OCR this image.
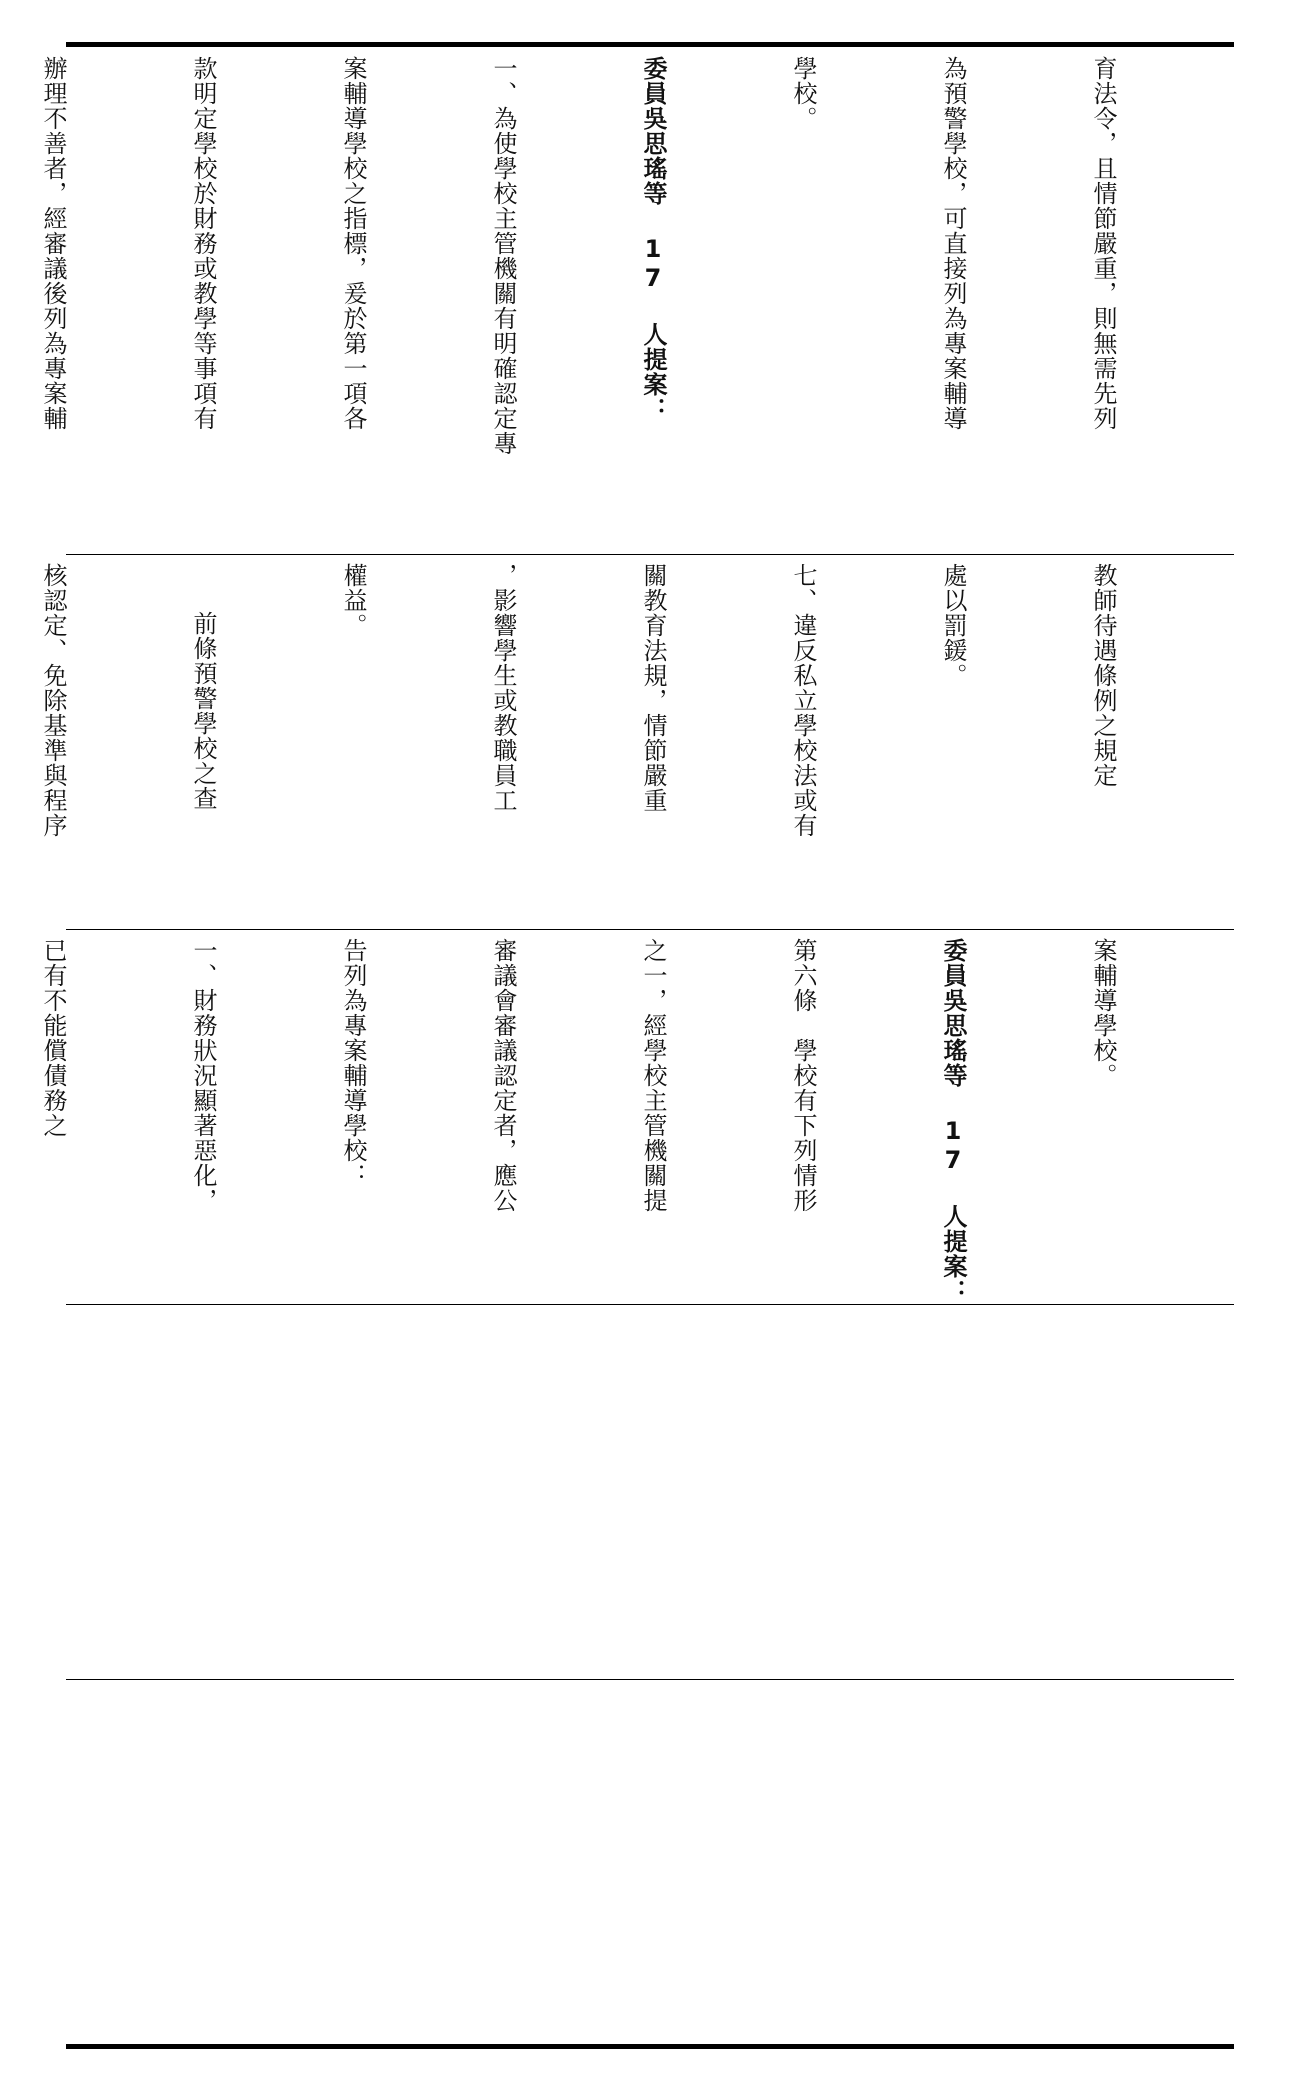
育法令，且情節嚴重，則無需先列

為預警學校，可直接列為專案輔導

學校。

委員吳思瑤等 17 人提案：

一、為使學校主管機關有明確認定專

案輔導學校之指標，爰於第一項各

款明定學校於財務或教學等事項有

辦理不善者，經審議後列為專案輔

教師待遇條例之規定

處以罰鍰。

七、違反私立學校法或有

關教育法規，情節嚴重

，影響學生或教職員工

權益。

前條預警學校之查

核認定、免除基準與程序

案輔導學校。

委員吳思瑤等 17 人提案：

第六條　學校有下列情形

之一，經學校主管機關提

審議會審議認定者，應公

告列為專案輔導學校：

一、財務狀況顯著惡化，

已有不能償債務之
